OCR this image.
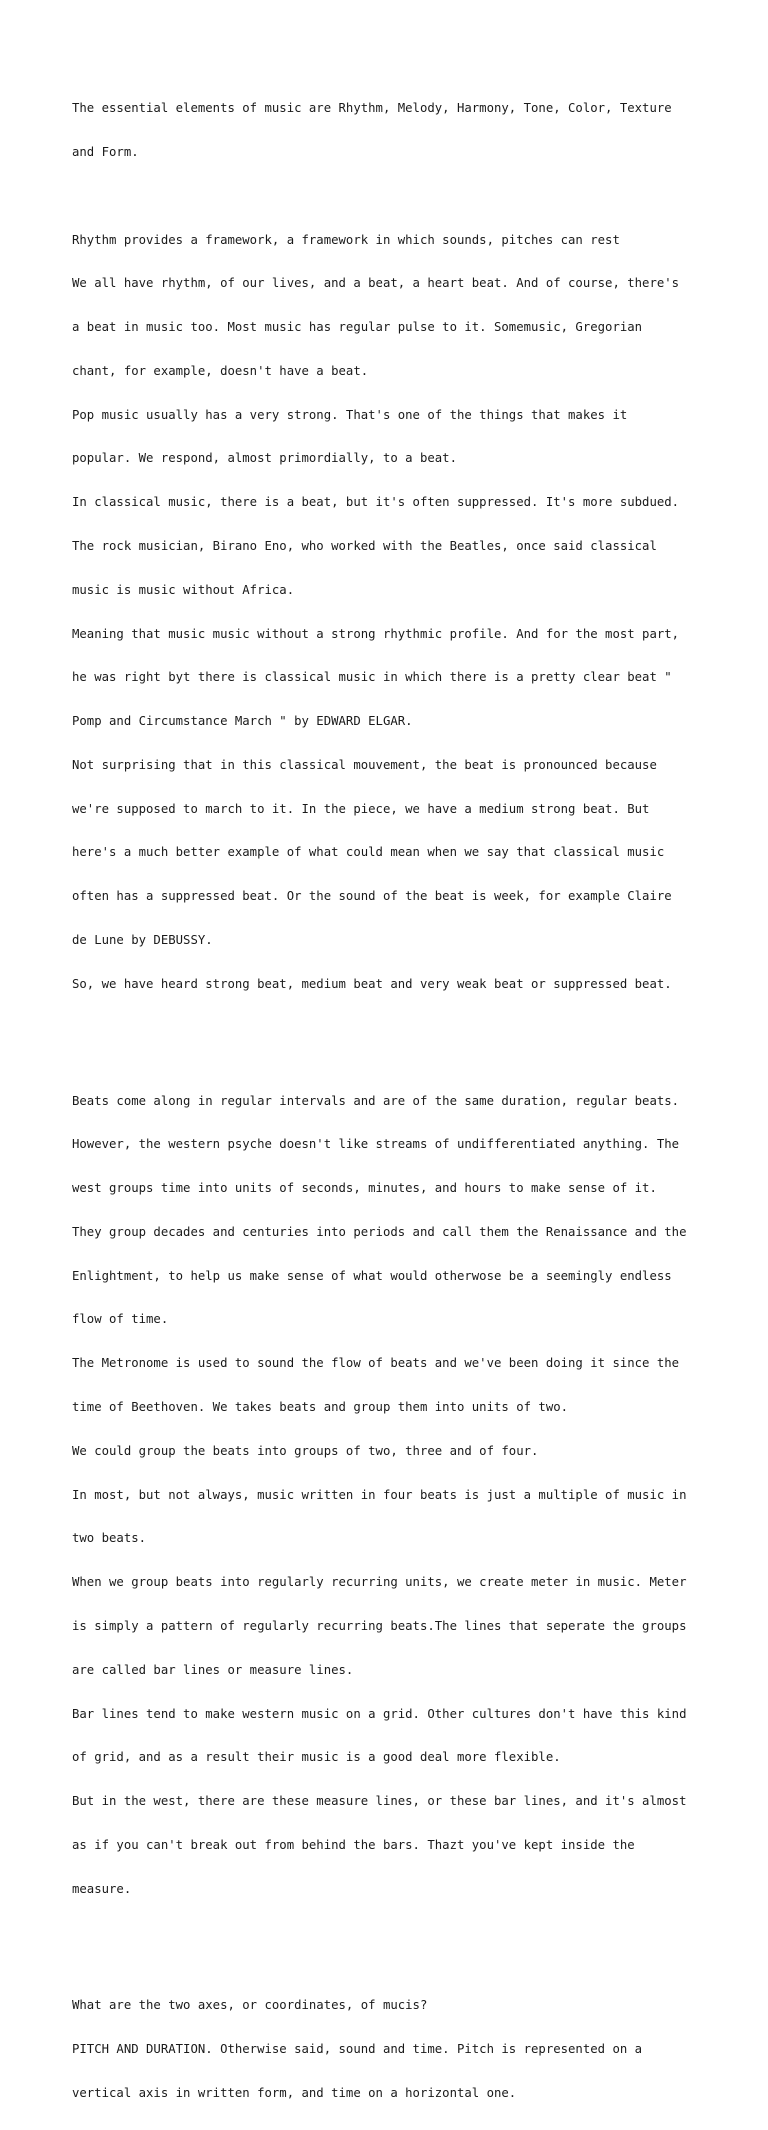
The essential elements of music are Rhythm, Melody, Harmony, Tone, Color, Texture

and Form.

Rhythm provides a framework, a framework in which sounds, pitches can rest

We all have rhythm, of our lives, and a beat, a heart beat. And of course, there's

a beat in music too. Most music has regular pulse to it. Somemusic, Gregorian

chant, for example, doesn't have a beat.

Pop music usually has a very strong. That's one of the things that makes it

popular. We respond, almost primordially, to a beat.

In classical music, there is a beat, but it's often suppressed. It's more subdued.

The rock musician, Birano Eno, who worked with the Beatles, once said classical

music is music without Africa.

Meaning that music music without a strong rhythmic profile. And for the most part,

he was right byt there is classical music in which there is a pretty clear beat "

Pomp and Circumstance March " by EDWARD ELGAR.

Not surprising that in this classical mouvement, the beat is pronounced because

we're supposed to march to it. In the piece, we have a medium strong beat. But

here's a much better example of what could mean when we say that classical music

often has a suppressed beat. Or the sound of the beat is week, for example Claire

de Lune by DEBUSSY.

So, we have heard strong beat, medium beat and very weak beat or suppressed beat.

Beats come along in regular intervals and are of the same duration, regular beats.

However, the western psyche doesn't like streams of undifferentiated anything. The

west groups time into units of seconds, minutes, and hours to make sense of it.

They group decades and centuries into periods and call them the Renaissance and the

Enlightment, to help us make sense of what would otherwose be a seemingly endless

flow of time.

The Metronome is used to sound the flow of beats and we've been doing it since the

time of Beethoven. We takes beats and group them into units of two.

We could group the beats into groups of two, three and of four.

In most, but not always, music written in four beats is just a multiple of music in

two beats.

When we group beats into regularly recurring units, we create meter in music. Meter

is simply a pattern of regularly recurring beats.The lines that seperate the groups

are called bar lines or measure lines.

Bar lines tend to make western music on a grid. Other cultures don't have this kind

of grid, and as a result their music is a good deal more flexible.

But in the west, there are these measure lines, or these bar lines, and it's almost

as if you can't break out from behind the bars. Thazt you've kept inside the

measure.

What are the two axes, or coordinates, of mucis?

PITCH AND DURATION. Otherwise said, sound and time. Pitch is represented on a

vertical axis in written form, and time on a horizontal one.
